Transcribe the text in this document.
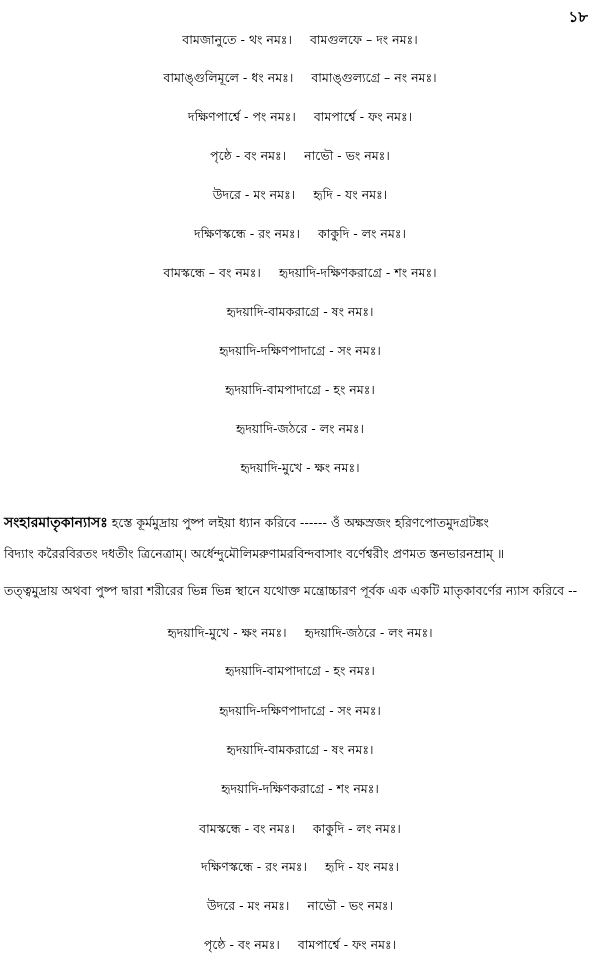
১৮
বামজানুতে - থং নমঃ। বামগুলফে – দং নমঃ।
বামাঙ্গুলিমূলে - ধং নমঃ। বামাঙ্গুল্যগ্রে – নং নমঃ।
দক্ষিণপার্শ্বে - পং নমঃ। বামপার্শ্বে - ফং নমঃ।
পৃষ্ঠে - বং নমঃ। নাভৌ - ভং নমঃ।
উদরে - মং নমঃ। হৃদি - যং নমঃ।
দক্ষিণস্কন্ধে - রং নমঃ। কাকুদি - লং নমঃ।
বামস্কন্ধে – বং নমঃ। হৃদয়াদি-দক্ষিণকরাগ্রে - শং নমঃ।
হৃদয়াদি-বামকরাগ্রে - ষং নমঃ।
হৃদয়াদি-দক্ষিণপাদাগ্রে - সং নমঃ।
হৃদয়াদি-বামপাদাগ্রে - হং নমঃ।
হৃদয়াদি-জঠরে - লং নমঃ।
হৃদয়াদি-মুখে - ক্ষং নমঃ।
সংহারমাতৃকান্যাসঃ হস্তে কূর্মমুদ্রায় পুষ্প লইয়া ধ্যান করিবে ------ ওঁ অক্ষস্রজং হরিণপোতমুদগ্রটঙ্কং
বিদ্যাং করৈরবিরতং দধতীং ত্রিনেত্রাম্‌। অর্ধেন্দুমৌলিমরুণামরবিন্দবাসাং বর্ণেশ্বরীং প্রণমত স্তনভারনম্রাম্‌ ॥
তত্ত্বমুদ্রায় অথবা পুষ্প দ্বারা শরীরের ভিন্ন ভিন্ন স্থানে যথোক্ত মন্ত্রোচ্চারণ পূর্বক এক একটি মাতৃকাবর্ণের ন্যাস করিবে --
হৃদয়াদি-মুখে - ক্ষং নমঃ। হৃদয়াদি-জঠরে - লং নমঃ।
হৃদয়াদি-বামপাদাগ্রে - হং নমঃ।
হৃদয়াদি-দক্ষিণপাদাগ্রে - সং নমঃ।
হৃদয়াদি-বামকরাগ্রে - ষং নমঃ।
হৃদয়াদি-দক্ষিণকরাগ্রে - শং নমঃ।
বামস্কন্ধে - বং নমঃ। কাকুদি - লং নমঃ।
দক্ষিণস্কন্ধে - রং নমঃ। হৃদি - যং নমঃ।
উদরে - মং নমঃ। নাভৌ - ভং নমঃ।
পৃষ্ঠে - বং নমঃ। বামপার্শ্বে - ফং নমঃ।
